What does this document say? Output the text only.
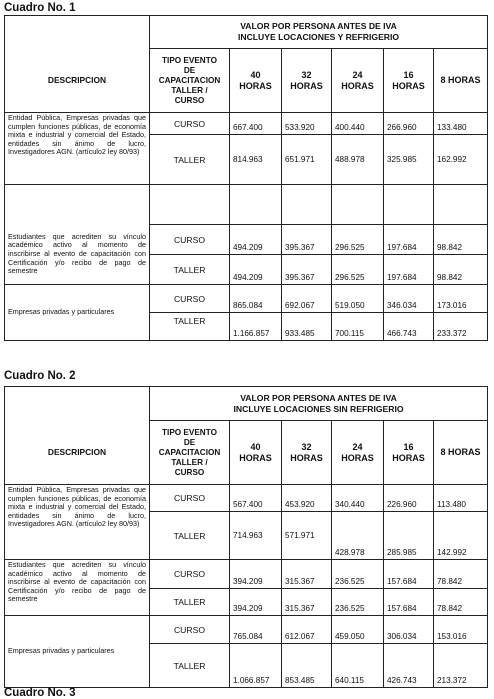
Cuadro No. 1

	VALOR POR PERSONA ANTES DE IVA
INCLUYE LOCACIONES Y REFRIGERIO					

DESCRIPCION	TIPO EVENTO
DE
CAPACITACION
TALLER /
CURSO	40
HORAS	32
HORAS	24
HORAS	16
HORAS	8 HORAS

Entidad Pública, Empresas privadas que cumplen funciones públicas, de economía mixta e industrial y comercial del Estado, entidades sin ánimo de lucro, Investigadores AGN. (artículo2 ley 80/93)	CURSO	667.400	533.920	400.440	266.960	133.480
	TALLER	814.963	651.971	488.978	325.985	162.992

Estudiantes que acrediten su vínculo académico activo al momento de inscribirse al evento de capacitación con Certificación y/o recibo de pago de semestre	CURSO	494.209	395.367	296.525	197.684	98.842
	TALLER	494.209	395.367	296.525	197.684	98.842
Empresas privadas y particulares	CURSO	865.084	692.067	519.050	346.034	173.016
	TALLER	1.166.857	933.485	700.115	466.743	233.372
Cuadro No. 2

	VALOR POR PERSONA ANTES DE IVA
INCLUYE LOCACIONES SIN REFRIGERIO					

DESCRIPCION	TIPO EVENTO
DE
CAPACITACION
TALLER /
CURSO	40
HORAS	32
HORAS	24
HORAS	16
HORAS	8 HORAS

Entidad Pública, Empresas privadas que cumplen funciones públicas, de economía mixta e industrial y comercial del Estado, entidades sin ánimo de lucro, Investigadores AGN. (artículo2 ley 80/93)	CURSO	567.400	453.920	340.440	226.960	113.480
	TALLER	714.963	571.971	428.978	285.985	142.992
Estudiantes que acrediten su vínculo académico activo al momento de inscribirse al evento de capacitación con Certificación y/o recibo de pago de semestre	CURSO	394.209	315.367	236.525	157.684	78.842
	TALLER	394.209	315.367	236.525	157.684	78.842
Empresas privadas y particulares	CURSO	765.084	612.067	459.050	306.034	153.016
	TALLER	1.066.857	853.485	640.115	426.743	213.372
Cuadro No. 3
